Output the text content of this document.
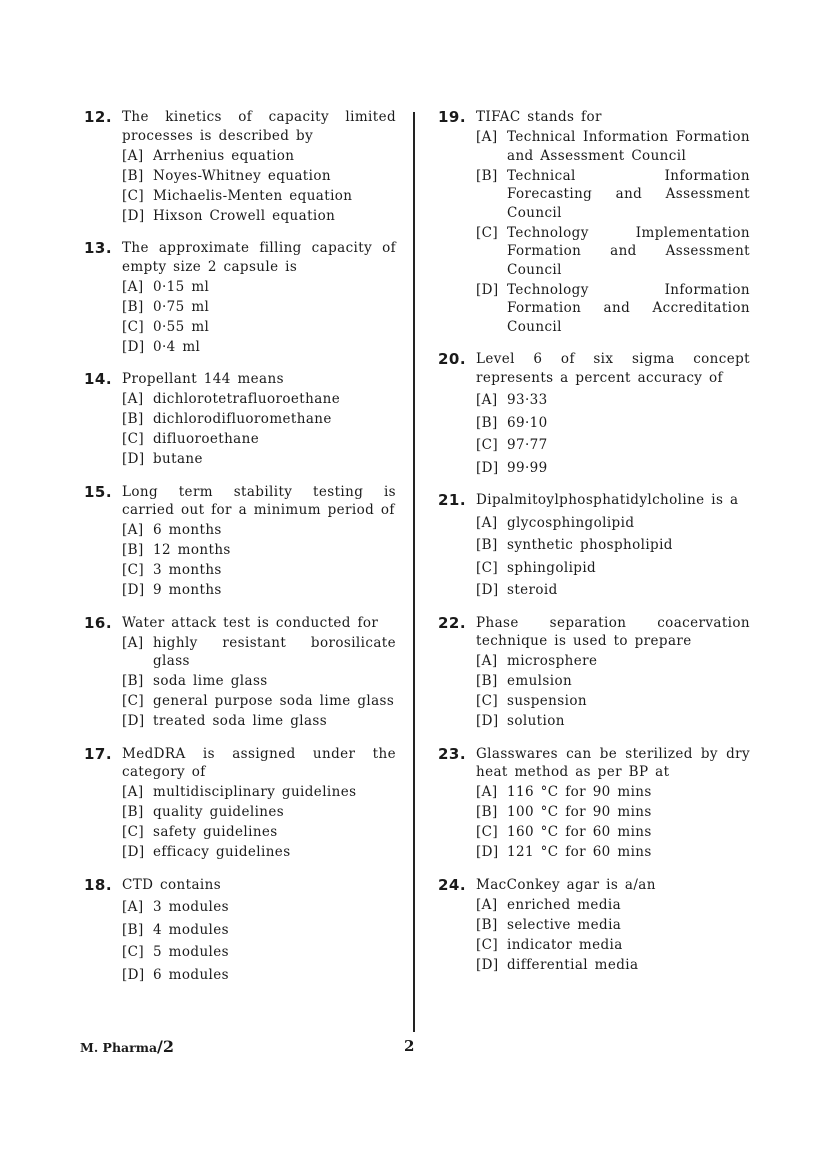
12. The kinetics of capacity limited processes is described by
[A] Arrhenius equation
[B] Noyes-Whitney equation
[C] Michaelis-Menten equation
[D] Hixson Crowell equation
13. The approximate filling capacity of empty size 2 capsule is
[A] 0·15 ml
[B] 0·75 ml
[C] 0·55 ml
[D] 0·4 ml
14. Propellant 144 means
[A] dichlorotetrafluoroethane
[B] dichlorodifluoromethane
[C] difluoroethane
[D] butane
15. Long term stability testing is carried out for a minimum period of
[A] 6 months
[B] 12 months
[C] 3 months
[D] 9 months
16. Water attack test is conducted for
[A] highly resistant borosilicate glass
[B] soda lime glass
[C] general purpose soda lime glass
[D] treated soda lime glass
17. MedDRA is assigned under the category of
[A] multidisciplinary guidelines
[B] quality guidelines
[C] safety guidelines
[D] efficacy guidelines
18. CTD contains
[A] 3 modules
[B] 4 modules
[C] 5 modules
[D] 6 modules
19. TIFAC stands for
[A] Technical Information Formation and Assessment Council
[B] Technical Information Forecasting and Assessment Council
[C] Technology Implementation Formation and Assessment Council
[D] Technology Information Formation and Accreditation Council
20. Level 6 of six sigma concept represents a percent accuracy of
[A] 93·33
[B] 69·10
[C] 97·77
[D] 99·99
21. Dipalmitoylphosphatidylcholine is a
[A] glycosphingolipid
[B] synthetic phospholipid
[C] sphingolipid
[D] steroid
22. Phase separation coacervation technique is used to prepare
[A] microsphere
[B] emulsion
[C] suspension
[D] solution
23. Glasswares can be sterilized by dry heat method as per BP at
[A] 116 °C for 90 mins
[B] 100 °C for 90 mins
[C] 160 °C for 60 mins
[D] 121 °C for 60 mins
24. MacConkey agar is a/an
[A] enriched media
[B] selective media
[C] indicator media
[D] differential media
M. Pharma/2	2
